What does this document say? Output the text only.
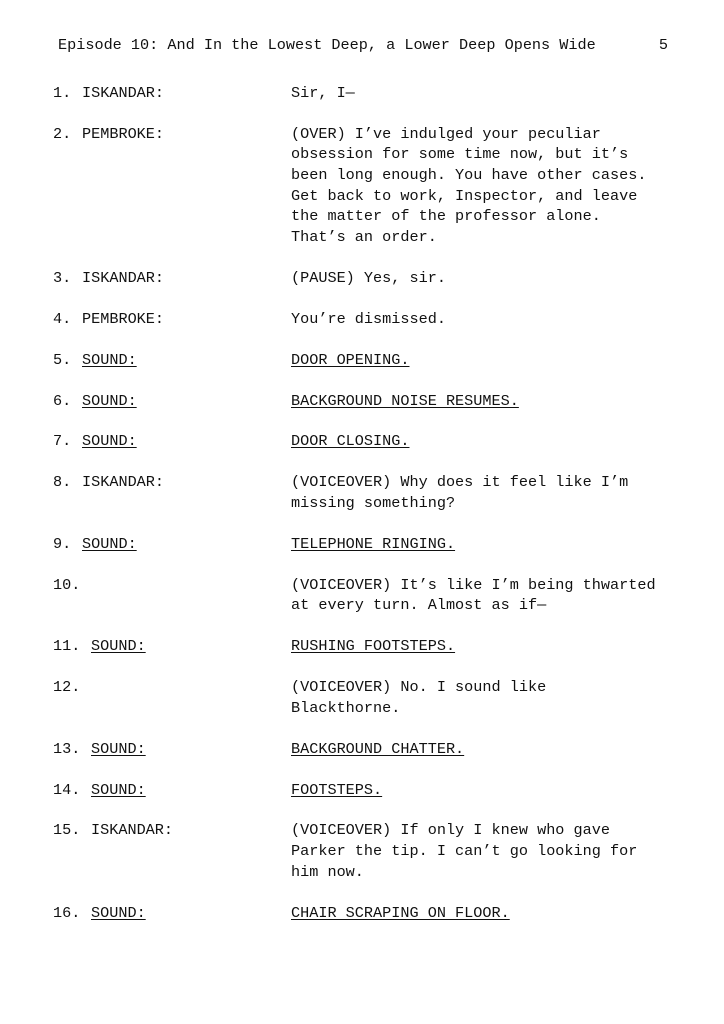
Episode 10: And In the Lowest Deep, a Lower Deep Opens Wide

	5

1. ISKANDAR:	Sir, I—
2. PEMBROKE:	(OVER) I’ve indulged your peculiar
obsession for some time now, but it’s
been long enough. You have other cases.
Get back to work, Inspector, and leave
the matter of the professor alone.
That’s an order.
3. ISKANDAR:	(PAUSE) Yes, sir.
4. PEMBROKE:	You’re dismissed.
5. SOUND:	DOOR OPENING.
6. SOUND:	BACKGROUND NOISE RESUMES.
7. SOUND:	DOOR CLOSING.
8. ISKANDAR:	(VOICEOVER) Why does it feel like I’m
missing something?
9. SOUND:	TELEPHONE RINGING.
10.	(VOICEOVER) It’s like I’m being thwarted
at every turn. Almost as if—
11. SOUND:	RUSHING FOOTSTEPS.
12.	(VOICEOVER) No. I sound like
Blackthorne.
13. SOUND:	BACKGROUND CHATTER.
14. SOUND:	FOOTSTEPS.
15. ISKANDAR:	(VOICEOVER) If only I knew who gave
Parker the tip. I can’t go looking for
him now.
16. SOUND:	CHAIR SCRAPING ON FLOOR.
